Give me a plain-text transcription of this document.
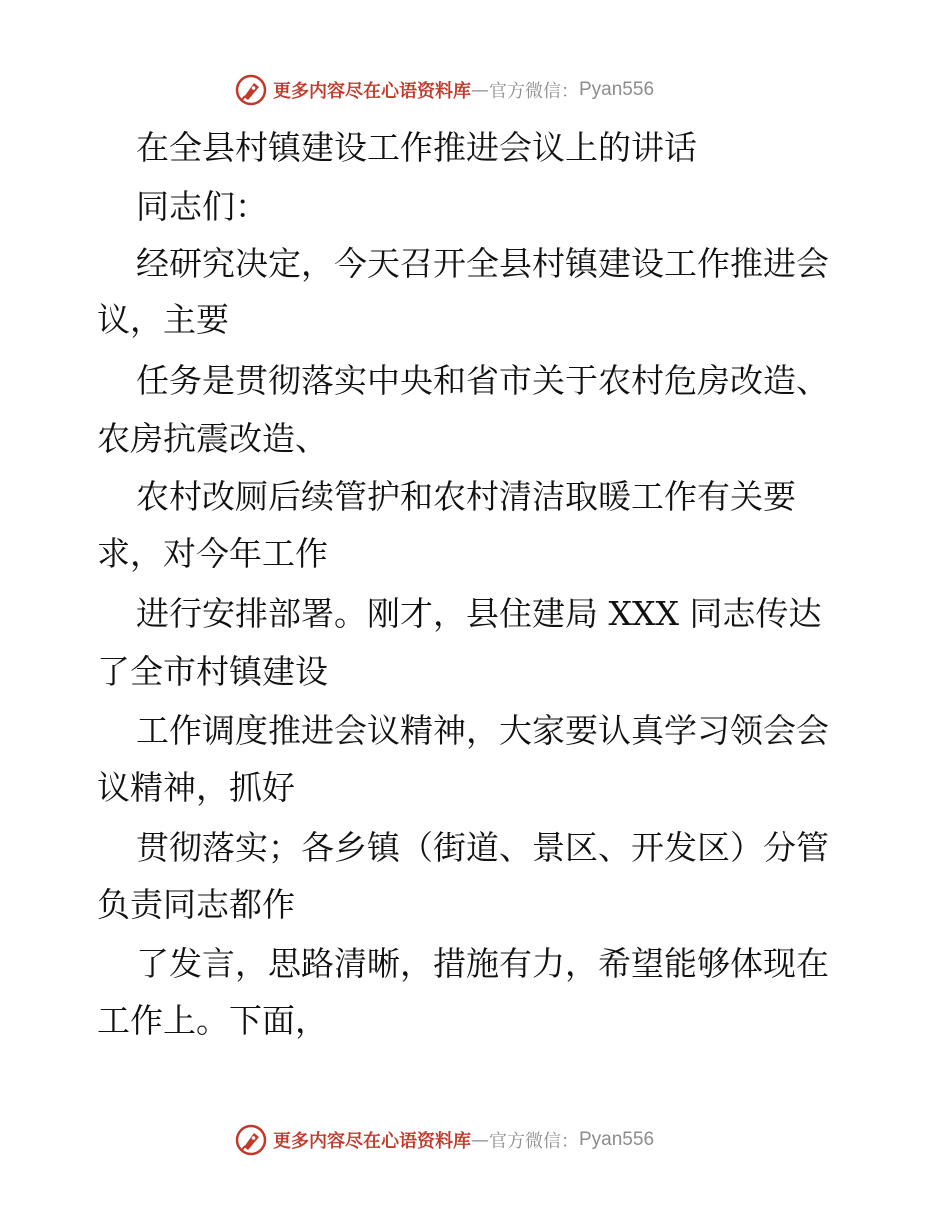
更多内容尽在心语资料库 — 官方微信： Pyan556
在全县村镇建设工作推进会议上的讲话
同志们：
经研究决定，今天召开全县村镇建设工作推进会
议，主要
任务是贯彻落实中央和省市关于农村危房改造、
农房抗震改造、
农村改厕后续管护和农村清洁取暖工作有关要
求，对今年工作
进行安排部署。刚才，县住建局 XXX 同志传达
了全市村镇建设
工作调度推进会议精神，大家要认真学习领会会
议精神，抓好
贯彻落实；各乡镇（街道、景区、开发区）分管
负责同志都作
了发言，思路清晰，措施有力，希望能够体现在
工作上。下面，
更多内容尽在心语资料库 — 官方微信： Pyan556
